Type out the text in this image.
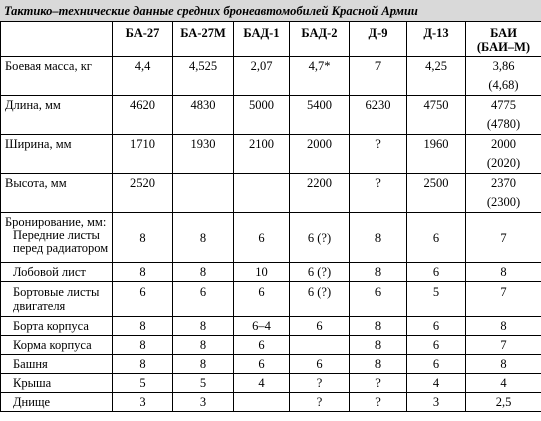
Тактико–технические данные средних бронеавтомобилей Красной Армии
	БА-27	БА-27М	БАД-1	БАД-2	Д-9	Д-13	БАИ
(БАИ–М)

Боевая масса, кг	4,4	4,525	2,07	4,7*	7	4,25	3,86
(4,68)

Длина, мм	4620	4830	5000	5400	6230	4750	4775
(4780)

Ширина, мм	1710	1930	2100	2000	?	1960	2000
(2020)

Высота, мм	2520			2200	?	2500	2370
(2300)

Бронирование, мм:
Передние листы
перед радиатором	8	8	6	6 (?)	8	6	7
Лобовой лист	8	8	10	6 (?)	8	6	8

Бортовые листы
двигателя	6	6	6	6 (?)	6	5	7
Борта корпуса	8	8	6–4	6	8	6	8
Корма корпуса	8	8	6		8	6	7
Башня	8	8	6	6	8	6	8
Крыша	5	5	4	?	?	4	4
Днище	3	3		?	?	3	2,5
